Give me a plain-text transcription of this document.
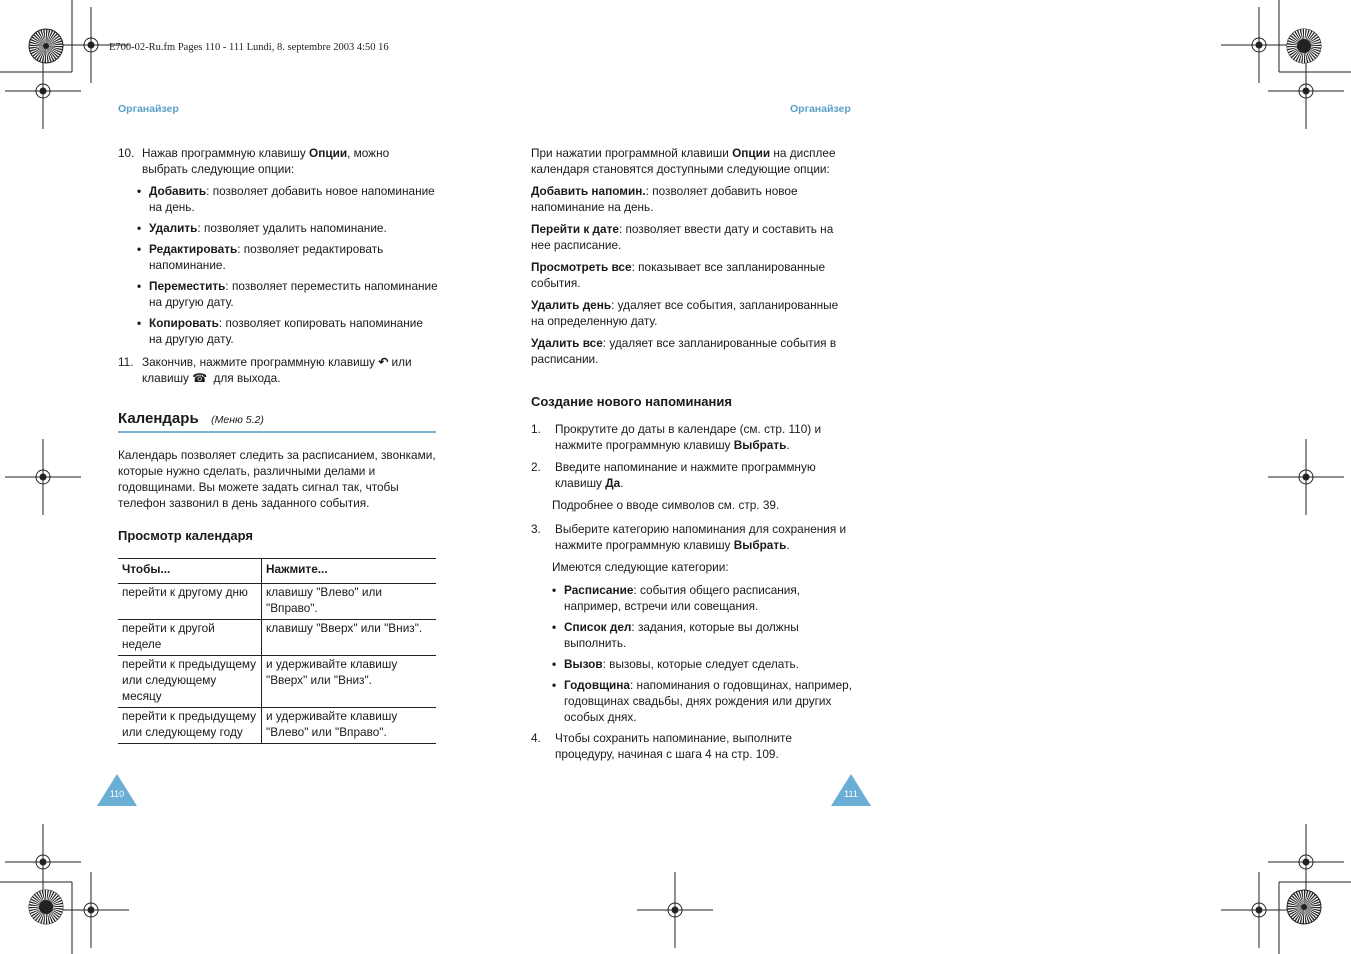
E700-02-Ru.fm Pages 110 - 111 Lundi, 8. septembre 2003 4:50 16
Органайзер	Органайзер
10. Нажав программную клавишу Опции, можно выбрать следующие опции:
• Добавить: позволяет добавить новое напоминание на день.
• Удалить: позволяет удалить напоминание.
• Редактировать: позволяет редактировать напоминание.
• Переместить: позволяет переместить напоминание на другую дату.
• Копировать: позволяет копировать напоминание на другую дату.
11. Закончив, нажмите программную клавишу ↶ или клавишу ☎ для выхода.
Календарь (Меню 5.2)
Календарь позволяет следить за расписанием, звонками, которые нужно сделать, различными делами и годовщинами. Вы можете задать сигнал так, чтобы телефон зазвонил в день заданного события.
Просмотр календаря
Чтобы...	Нажмите...
перейти к другому дню	клавишу "Влево" или "Вправо".
перейти к другой неделе	клавишу "Вверх" или "Вниз".
перейти к предыдущему или следующему месяцу	и удерживайте клавишу "Вверх" или "Вниз".
перейти к предыдущему или следующему году	и удерживайте клавишу "Влево" или "Вправо".
110

При нажатии программной клавиши Опции на дисплее календаря становятся доступными следующие опции:

Добавить напомин.: позволяет добавить новое напоминание на день.

Перейти к дате: позволяет ввести дату и составить на нее расписание.

Просмотреть все: показывает все запланированные события.

Удалить день: удаляет все события, запланированные на определенную дату.

Удалить все: удаляет все запланированные события в расписании.

Создание нового напоминания
1.	Прокрутите до даты в календаре (см. стр. 110) и нажмите программную клавишу Выбрать.
2.	Введите напоминание и нажмите программную клавишу Да.

Подробнее о вводе символов см. стр. 39.

3.	Выберите категорию напоминания для сохранения и нажмите программную клавишу Выбрать.

Имеются следующие категории:

• Расписание: события общего расписания, например, встречи или совещания.
• Список дел: задания, которые вы должны выполнить.
• Вызов: вызовы, которые следует сделать.
• Годовщина: напоминания о годовщинах, например, годовщинах свадьбы, днях рождения или других особых днях.
4.	Чтобы сохранить напоминание, выполните процедуру, начиная с шага 4 на стр. 109.
111
